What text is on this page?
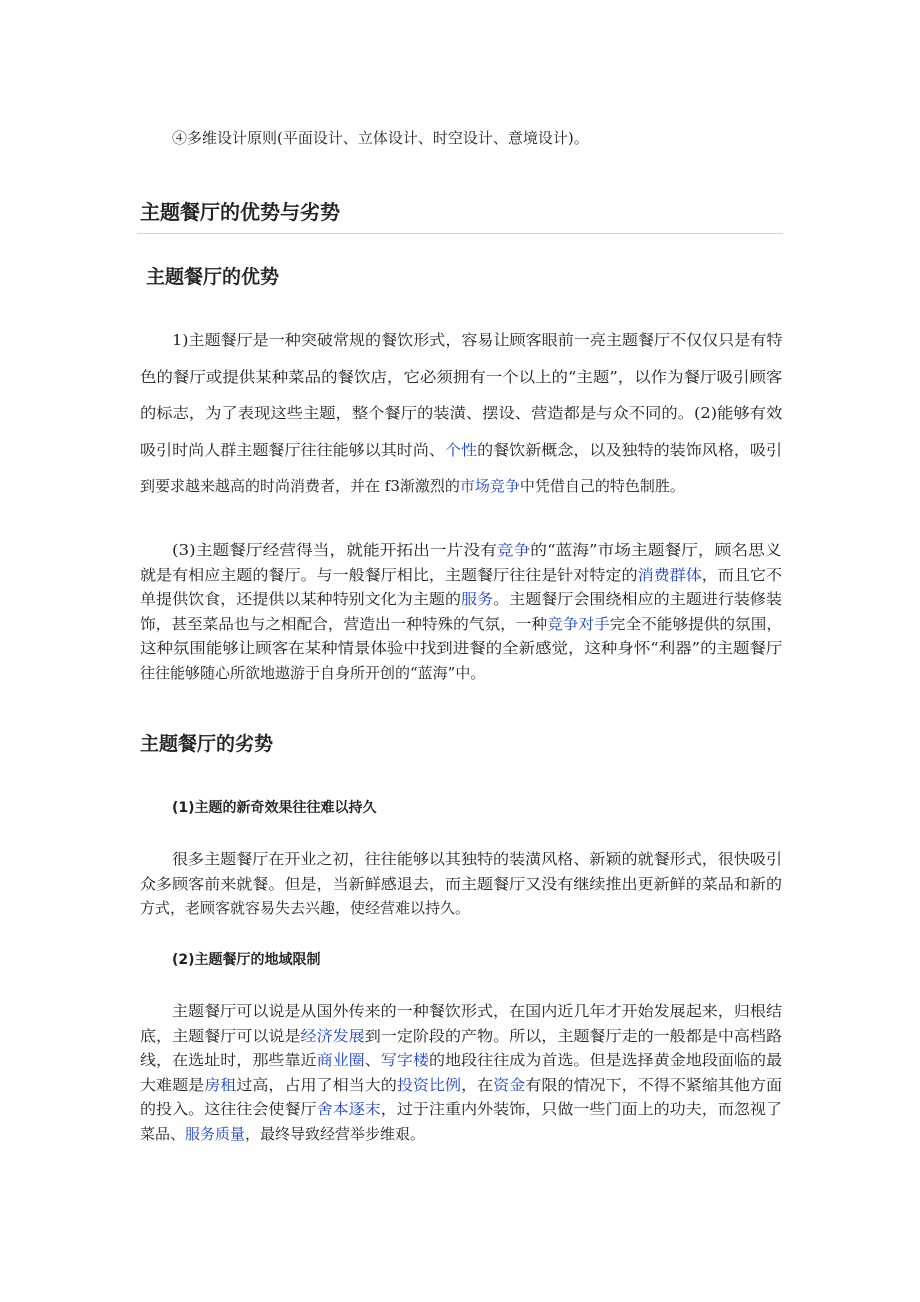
④多维设计原则(平面设计、立体设计、时空设计、意境设计)。
主题餐厅的优势与劣势
主题餐厅的优势
1)主题餐厅是一种突破常规的餐饮形式，容易让顾客眼前一亮主题餐厅不仅仅只是有特
色的餐厅或提供某种菜品的餐饮店，它必须拥有一个以上的“主题”，以作为餐厅吸引顾客
的标志，为了表现这些主题，整个餐厅的装潢、摆设、营造都是与众不同的。(2)能够有效
吸引时尚人群主题餐厅往往能够以其时尚、个性的餐饮新概念，以及独特的装饰风格，吸引
到要求越来越高的时尚消费者，并在 f3渐激烈的市场竞争中凭借自己的特色制胜。
(3)主题餐厅经营得当，就能开拓出一片没有竞争的“蓝海”市场主题餐厅，顾名思义
就是有相应主题的餐厅。与一般餐厅相比，主题餐厅往往是针对特定的消费群体，而且它不
单提供饮食，还提供以某种特别文化为主题的服务。主题餐厅会围绕相应的主题进行装修装
饰，甚至菜品也与之相配合，营造出一种特殊的气氛，一种竞争对手完全不能够提供的氛围，
这种氛围能够让顾客在某种情景体验中找到进餐的全新感觉，这种身怀“利器”的主题餐厅
往往能够随心所欲地遨游于自身所开创的“蓝海”中。
主题餐厅的劣势
(1)主题的新奇效果往往难以持久
很多主题餐厅在开业之初，往往能够以其独特的装潢风格、新颖的就餐形式，很快吸引
众多顾客前来就餐。但是，当新鲜感退去，而主题餐厅又没有继续推出更新鲜的菜品和新的
方式，老顾客就容易失去兴趣，使经营难以持久。
(2)主题餐厅的地域限制
主题餐厅可以说是从国外传来的一种餐饮形式，在国内近几年才开始发展起来，归根结
底，主题餐厅可以说是经济发展到一定阶段的产物。所以，主题餐厅走的一般都是中高档路
线，在选址时，那些靠近商业圈、写字楼的地段往往成为首选。但是选择黄金地段面临的最
大难题是房租过高，占用了相当大的投资比例，在资金有限的情况下，不得不紧缩其他方面
的投入。这往往会使餐厅舍本逐末，过于注重内外装饰，只做一些门面上的功夫，而忽视了
菜品、服务质量，最终导致经营举步维艰。
